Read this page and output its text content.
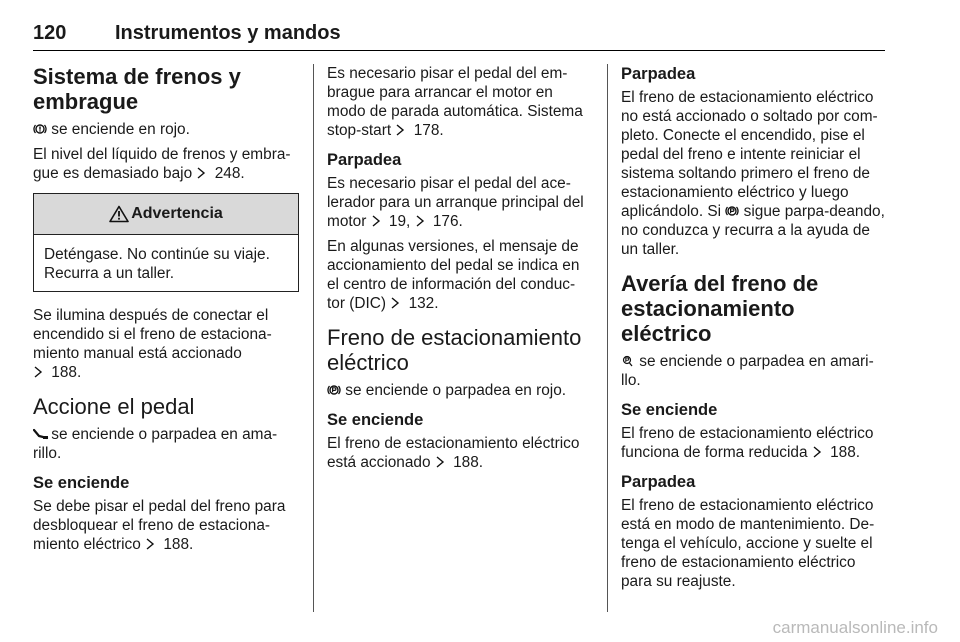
120 Instrumentos y mandos
Sistema de frenos y embrague

se enciende en rojo.

El nivel del líquido de frenos y embra-gue es demasiado bajo  248.

Advertencia

Deténgase. No continúe su viaje. Recurra a un taller.

Se ilumina después de conectar el encendido si el freno de estaciona-miento manual está accionado
188.

Accione el pedal

se enciende o parpadea en ama-rillo.

Se enciende

Se debe pisar el pedal del freno para desbloquear el freno de estaciona-miento eléctrico  188.

Es necesario pisar el pedal del em-brague para arrancar el motor en modo de parada automática. Sistema stop-start  178.

Parpadea

Es necesario pisar el pedal del ace-lerador para un arranque principal del motor  19,  176.

En algunas versiones, el mensaje de accionamiento del pedal se indica en el centro de información del conduc-tor (DIC)  132.

Freno de estacionamiento eléctrico

se enciende o parpadea en rojo.

Se enciende

El freno de estacionamiento eléctrico está accionado  188.

Parpadea

El freno de estacionamiento eléctrico no está accionado o soltado por com-pleto. Conecte el encendido, pise el pedal del freno e intente reiniciar el sistema soltando primero el freno de estacionamiento eléctrico y luego aplicándolo. Si  sigue parpa-deando, no conduzca y recurra a la ayuda de un taller.

Avería del freno de estacionamiento eléctrico

se enciende o parpadea en amari-llo.

Se enciende

El freno de estacionamiento eléctrico funciona de forma reducida  188.

Parpadea

El freno de estacionamiento eléctrico está en modo de mantenimiento. De-tenga el vehículo, accione y suelte el freno de estacionamiento eléctrico para su reajuste.

carmanualsonline.info
